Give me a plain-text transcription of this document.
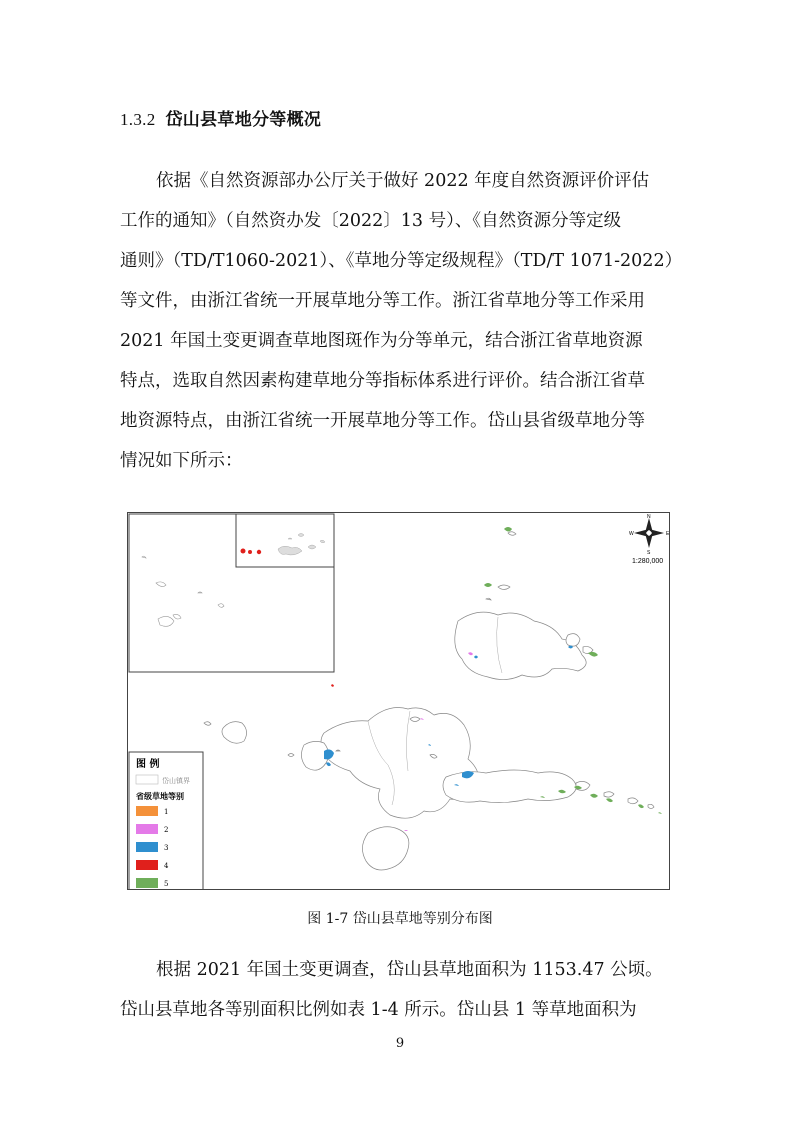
1.3.2 岱山县草地分等概况

依据《自然资源部办公厅关于做好 2022 年度自然资源评价评估
工作的通知》（自然资办发〔2022〕13 号）、《自然资源分等定级
通则》（TD/T1060-2021）、《草地分等定级规程》（TD/T 1071-2022）
等文件，由浙江省统一开展草地分等工作。浙江省草地分等工作采用
2021 年国土变更调查草地图斑作为分等单元，结合浙江省草地资源
特点，选取自然因素构建草地分等指标体系进行评价。结合浙江省草
地资源特点，由浙江省统一开展草地分等工作。岱山县省级草地分等
情况如下所示：

N
S
E
W
1:280,000
图 例
岱山镇界
省级草地等别
1
2
3
4
5
图 1-7 岱山县草地等别分布图

根据 2021 年国土变更调查，岱山县草地面积为 1153.47 公顷。
岱山县草地各等别面积比例如表 1-4 所示。岱山县 1 等草地面积为

9
